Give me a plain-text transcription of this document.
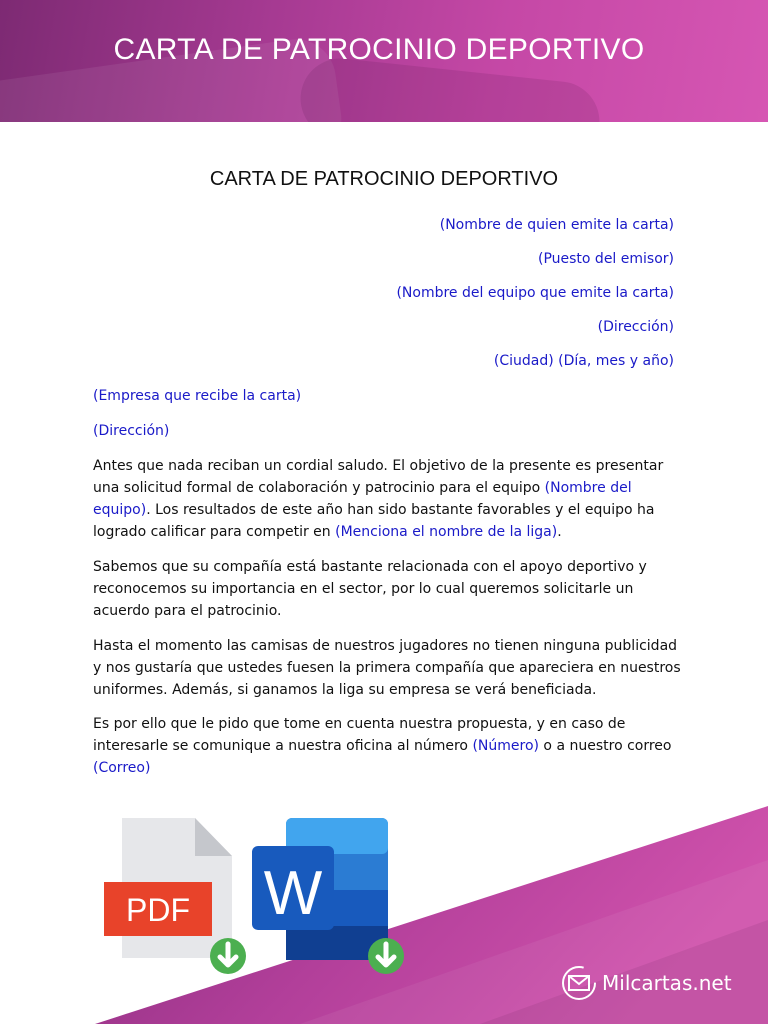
CARTA DE PATROCINIO DEPORTIVO
CARTA DE PATROCINIO DEPORTIVO
(Nombre de quien emite la carta)
(Puesto del emisor)
(Nombre del equipo que emite la carta)
(Dirección)
(Ciudad) (Día, mes y año)
(Empresa que recibe la carta)
(Dirección)
Antes que nada reciban un cordial saludo. El objetivo de la presente es presentar una solicitud formal de colaboración y patrocinio para el equipo (Nombre del equipo). Los resultados de este año han sido bastante favorables y el equipo ha logrado calificar para competir en (Menciona el nombre de la liga).
Sabemos que su compañía está bastante relacionada con el apoyo deportivo y reconocemos su importancia en el sector, por lo cual queremos solicitarle un acuerdo para el patrocinio.
Hasta el momento las camisas de nuestros jugadores no tienen ninguna publicidad y nos gustaría que ustedes fuesen la primera compañía que apareciera en nuestros uniformes. Además, si ganamos la liga su empresa se verá beneficiada.
Es por ello que le pido que tome en cuenta nuestra propuesta, y en caso de interesarle se comunique a nuestra oficina al número (Número) o a nuestro correo (Correo)
PDF W
Milcartas.net
